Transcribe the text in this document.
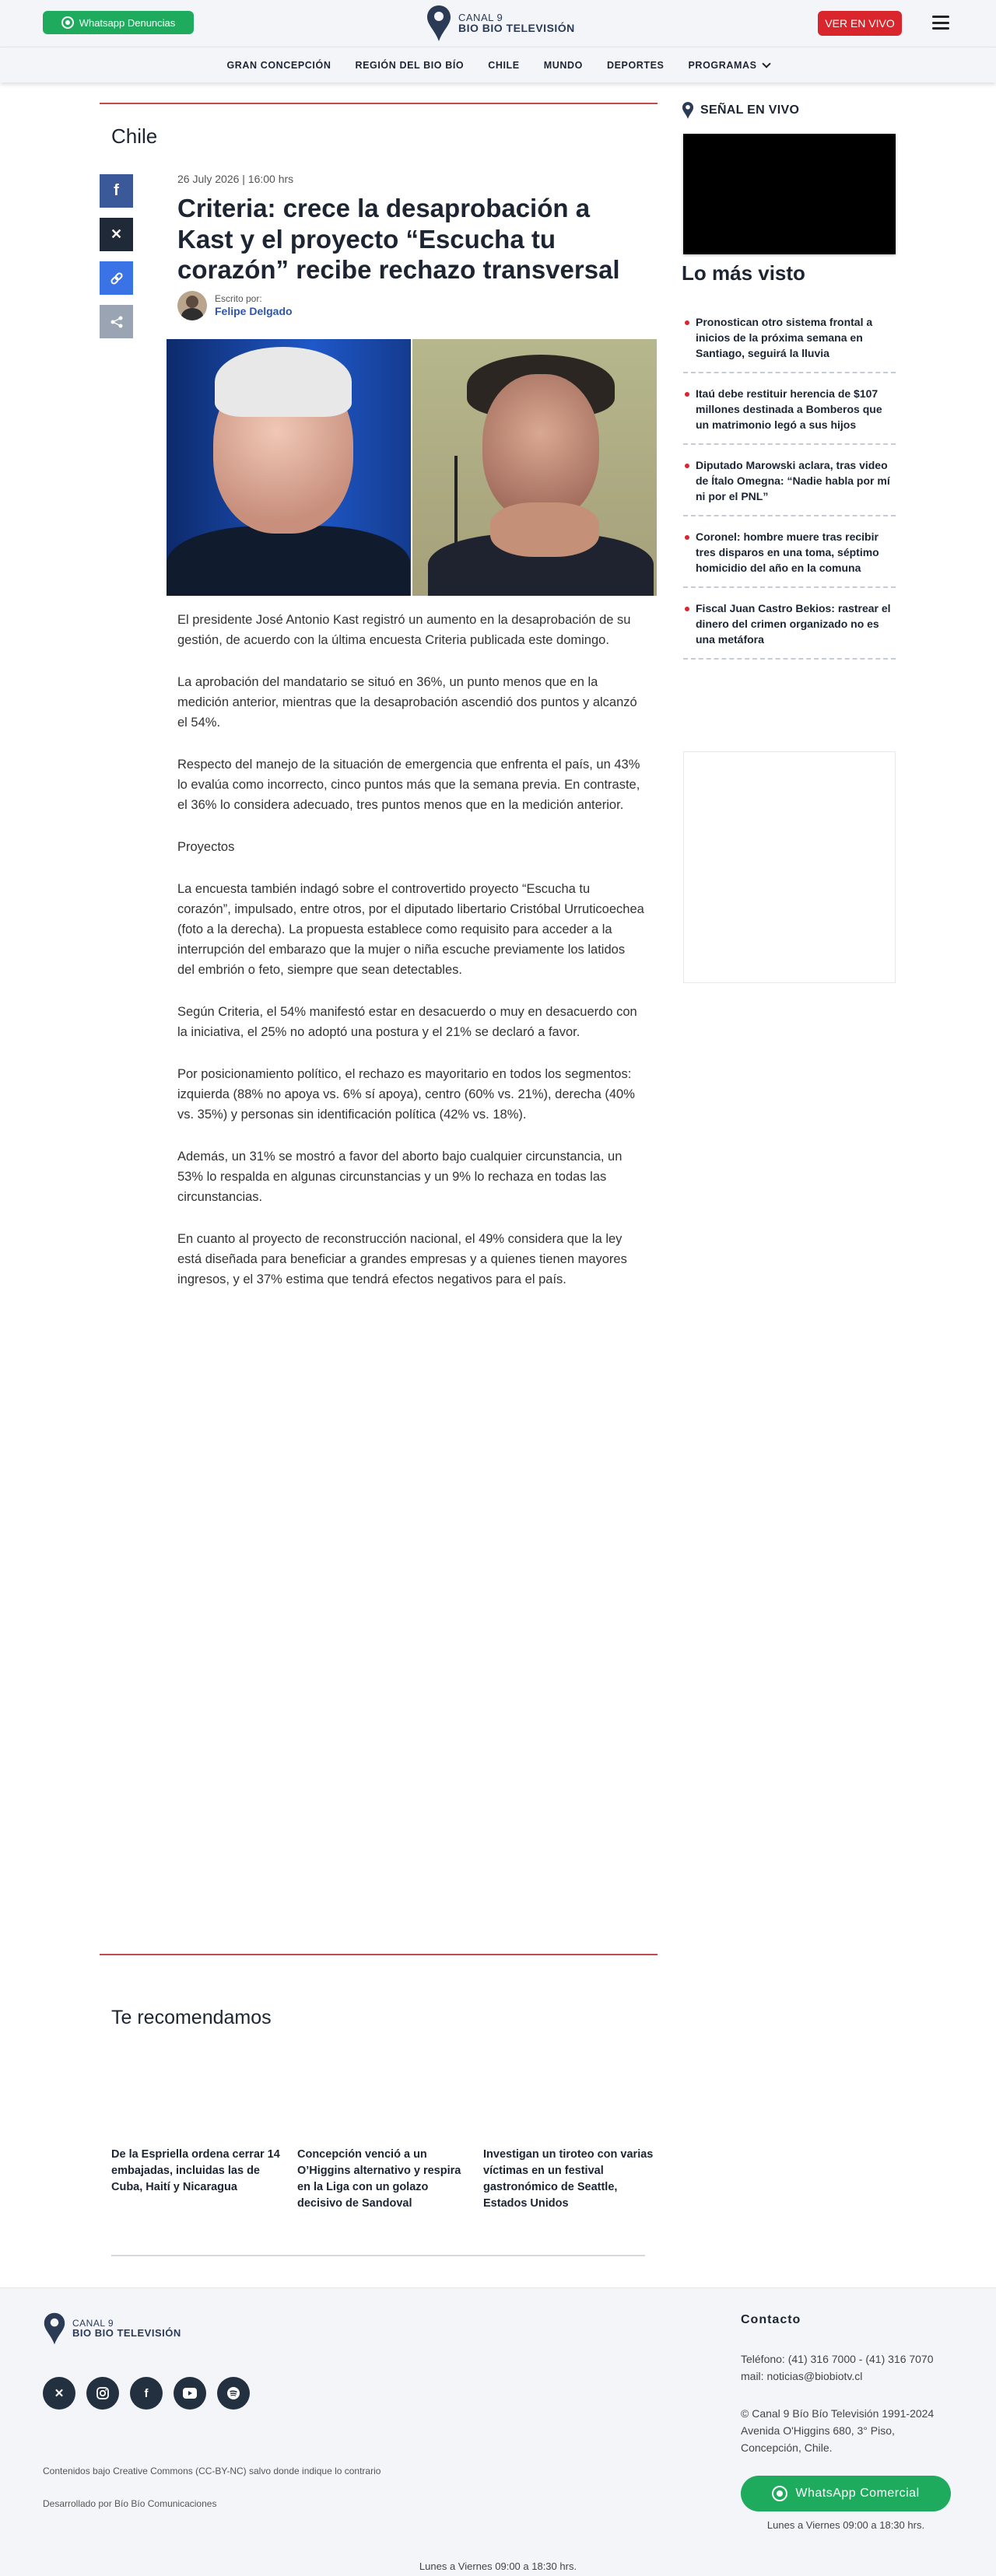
Whatsapp Denuncias	CANAL 9
BIO BIO TELEVISIÓN	VER EN VIVO
GRAN CONCEPCIÓN REGIÓN DEL BIO BÍO CHILE MUNDO DEPORTES PROGRAMAS
Chile
f
✕
26 July 2026 | 16:00 hrs
Criteria: crece la desaprobación a Kast y el proyecto “Escucha tu corazón” recibe rechazo transversal
Escrito por:
Felipe Delgado

El presidente José Antonio Kast registró un aumento en la desaprobación de su gestión, de acuerdo con la última encuesta Criteria publicada este domingo.

La aprobación del mandatario se situó en 36%, un punto menos que en la medición anterior, mientras que la desaprobación ascendió dos puntos y alcanzó el 54%.

Respecto del manejo de la situación de emergencia que enfrenta el país, un 43% lo evalúa como incorrecto, cinco puntos más que la semana previa. En contraste, el 36% lo considera adecuado, tres puntos menos que en la medición anterior.

Proyectos

La encuesta también indagó sobre el controvertido proyecto “Escucha tu corazón”, impulsado, entre otros, por el diputado libertario Cristóbal Urruticoechea (foto a la derecha). La propuesta establece como requisito para acceder a la interrupción del embarazo que la mujer o niña escuche previamente los latidos del embrión o feto, siempre que sean detectables.

Según Criteria, el 54% manifestó estar en desacuerdo o muy en desacuerdo con la iniciativa, el 25% no adoptó una postura y el 21% se declaró a favor.

Por posicionamiento político, el rechazo es mayoritario en todos los segmentos: izquierda (88% no apoya vs. 6% sí apoya), centro (60% vs. 21%), derecha (40% vs. 35%) y personas sin identificación política (42% vs. 18%).

Además, un 31% se mostró a favor del aborto bajo cualquier circunstancia, un 53% lo respalda en algunas circunstancias y un 9% lo rechaza en todas las circunstancias.

En cuanto al proyecto de reconstrucción nacional, el 49% considera que la ley está diseñada para beneficiar a grandes empresas y a quienes tienen mayores ingresos, y el 37% estima que tendrá efectos negativos para el país.

SEÑAL EN VIVO
Lo más visto
Pronostican otro sistema frontal a inicios de la próxima semana en Santiago, seguirá la lluvia
Itaú debe restituir herencia de $107 millones destinada a Bomberos que un matrimonio legó a sus hijos
Diputado Marowski aclara, tras video de Ítalo Omegna: “Nadie habla por mí ni por el PNL”
Coronel: hombre muere tras recibir tres disparos en una toma, séptimo homicidio del año en la comuna
Fiscal Juan Castro Bekios: rastrear el dinero del crimen organizado no es una metáfora
Te recomendamos
De la Espriella ordena cerrar 14 embajadas, incluidas las de Cuba, Haití y Nicaragua
Concepción venció a un O’Higgins alternativo y respira en la Liga con un golazo decisivo de Sandoval
Investigan un tiroteo con varias víctimas en un festival gastronómico de Seattle, Estados Unidos
CANAL 9
BIO BIO TELEVISIÓN
✕	f
Contenidos bajo Creative Commons (CC-BY-NC) salvo donde indique lo contrario
Desarrollado por Bío Bío Comunicaciones
Contacto
Teléfono: (41) 316 7000 - (41) 316 7070
mail: noticias@biobiotv.cl
© Canal 9 Bío Bío Televisión 1991-2024
Avenida O'Higgins 680, 3° Piso,
Concepción, Chile.
WhatsApp Comercial
Lunes a Viernes 09:00 a 18:30 hrs.
Lunes a Viernes 09:00 a 18:30 hrs.
